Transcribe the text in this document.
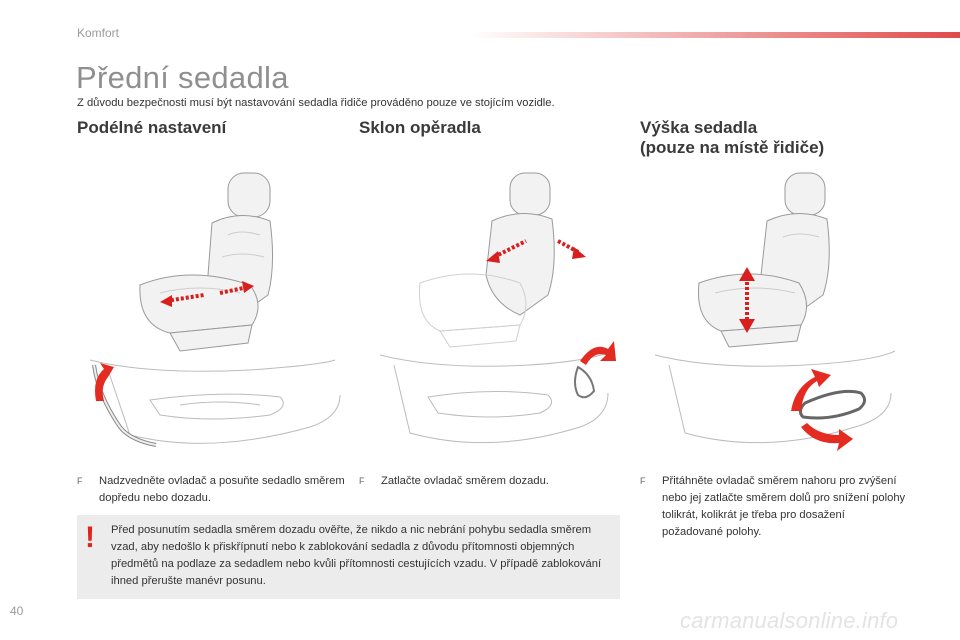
Komfort
Přední sedadla
Z důvodu bezpečnosti musí být nastavování sedadla řidiče prováděno pouze ve stojícím vozidle.
Podélné nastavení	Sklon opěradla	Výška sedadla
(pouze na místě řidiče)
F Nadzvedněte ovladač a posuňte sedadlo směrem dopředu nebo dozadu.
F Zatlačte ovladač směrem dozadu.	F Přitáhněte ovladač směrem nahoru pro zvýšení nebo jej zatlačte směrem dolů pro snížení polohy tolikrát, kolikrát je třeba pro dosažení požadované polohy.
! Před posunutím sedadla směrem dozadu ověřte, že nikdo a nic nebrání pohybu sedadla směrem vzad, aby nedošlo k přiskřípnutí nebo k zablokování sedadla z důvodu přítomnosti objemných předmětů na podlaze za sedadlem nebo kvůli přítomnosti cestujících vzadu. V případě zablokování ihned přerušte manévr posunu.
40	carmanualsonline.info
